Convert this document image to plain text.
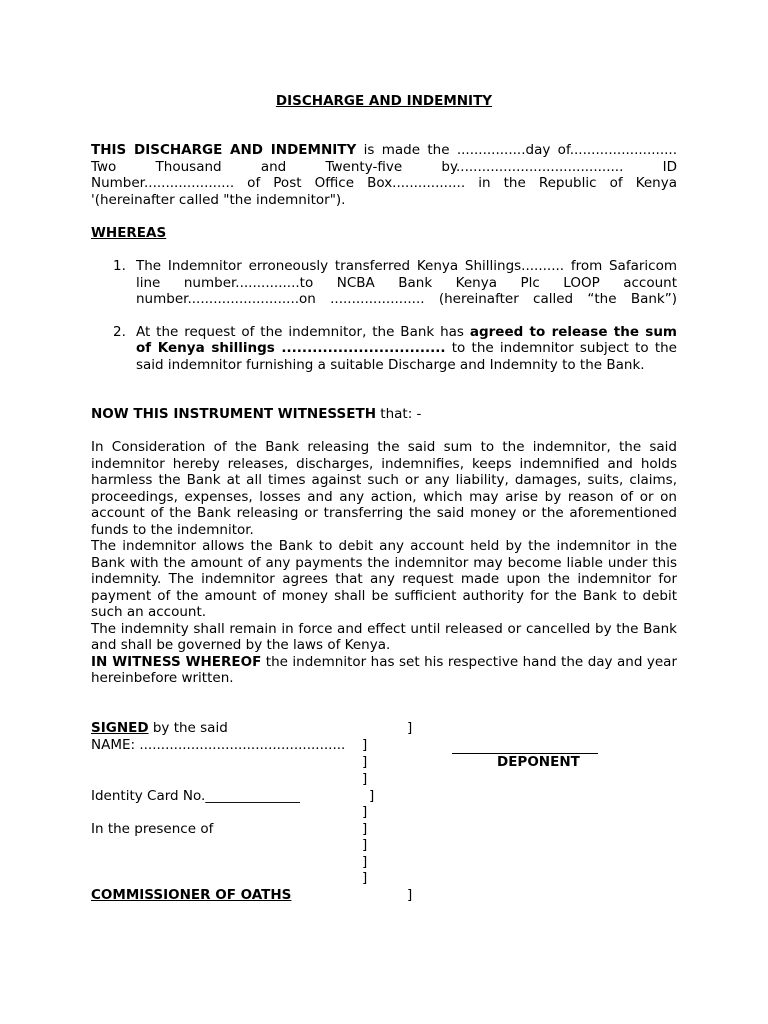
DISCHARGE AND INDEMNITY

THIS DISCHARGE AND INDEMNITY is made the ................day of.........................

Two Thousand and Twenty-five by....................................... ID

Number..................... of Post Office Box................. in the Republic of Kenya

'(hereinafter called "the indemnitor").

WHEREAS

1. The Indemnitor erroneously transferred Kenya Shillings.......... from Safaricom

line number...............to NCBA Bank Kenya Plc LOOP account

number..........................on ...................... (hereinafter called “the Bank”)

2. At the request of the indemnitor, the Bank has agreed to release the sum

of Kenya shillings ................................ to the indemnitor subject to the

said indemnitor furnishing a suitable Discharge and Indemnity to the Bank.

NOW THIS INSTRUMENT WITNESSETH that: -

In Consideration of the Bank releasing the said sum to the indemnitor, the said indemnitor hereby releases, discharges, indemnifies, keeps indemnified and holds harmless the Bank at all times against such or any liability, damages, suits, claims, proceedings, expenses, losses and any action, which may arise by reason of or on account of the Bank releasing or transferring the said money or the aforementioned funds to the indemnitor.

The indemnitor allows the Bank to debit any account held by the indemnitor in the Bank with the amount of any payments the indemnitor may become liable under this indemnity. The indemnitor agrees that any request made upon the indemnitor for payment of the amount of money shall be sufficient authority for the Bank to debit such an account.

The indemnity shall remain in force and effect until released or cancelled by the Bank and shall be governed by the laws of Kenya.

IN WITNESS WHEREOF the indemnitor has set his respective hand the day and year hereinbefore written.

SIGNED by the said	]
NAME: ................................................ ]
]	DEPONENT
]
Identity Card No.______________	]
]
In the presence of	]
]
]
]
COMMISSIONER OF OATHS	]
